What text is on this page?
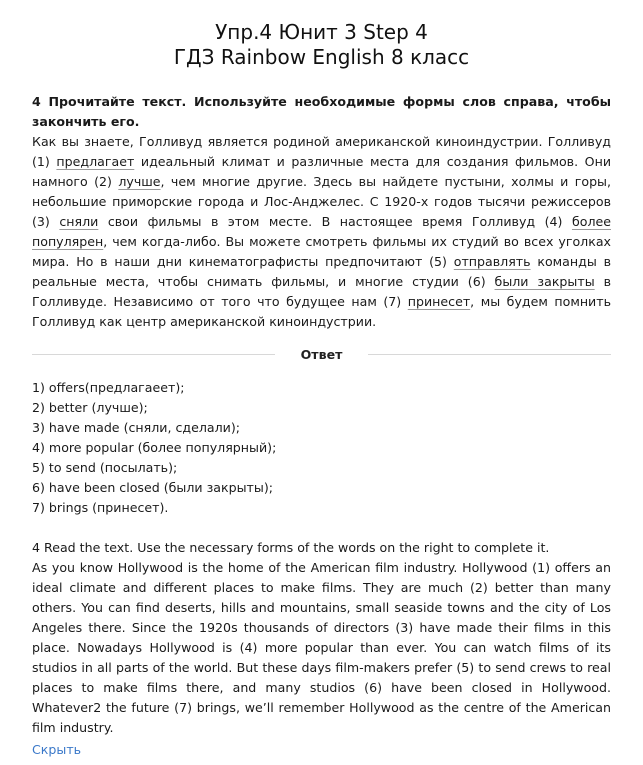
Упр.4 Юнит 3 Step 4
ГДЗ Rainbow English 8 класс
4 Прочитайте текст. Используйте необходимые формы слов справа, чтобы закончить его.

Как вы знаете, Голливуд является родиной американской киноиндустрии. Голливуд (1) предлагает идеальный климат и различные места для создания фильмов. Они намного (2) лучше, чем многие другие. Здесь вы найдете пустыни, холмы и горы, небольшие приморские города и Лос-Анджелес. С 1920-х годов тысячи режиссеров (3) сняли свои фильмы в этом месте. В настоящее время Голливуд (4) более популярен, чем когда-либо. Вы можете смотреть фильмы их студий во всех уголках мира. Но в наши дни кинематографисты предпочитают (5) отправлять команды в реальные места, чтобы снимать фильмы, и многие студии (6) были закрыты в Голливуде. Независимо от того что будущее нам (7) принесет, мы будем помнить Голливуд как центр американской киноиндустрии.

Ответ
1) offers(предлагаеет);
2) better (лучше);
3) have made (сняли, сделали);
4) more popular (более популярный);
5) to send (посылать);
6) have been closed (были закрыты);
7) brings (принесет).
4 Read the text. Use the necessary forms of the words on the right to complete it.

As you know Hollywood is the home of the American film industry. Hollywood (1) offers an ideal climate and different places to make films. They are much (2) better than many others. You can find deserts, hills and mountains, small seaside towns and the city of Los Angeles there. Since the 1920s thousands of directors (3) have made their films in this place. Nowadays Hollywood is (4) more popular than ever. You can watch films of its studios in all parts of the world. But these days film-makers prefer (5) to send crews to real places to make films there, and many studios (6) have been closed in Hollywood. Whatever2 the future (7) brings, we’ll remember Hollywood as the centre of the American film industry.

Скрыть
